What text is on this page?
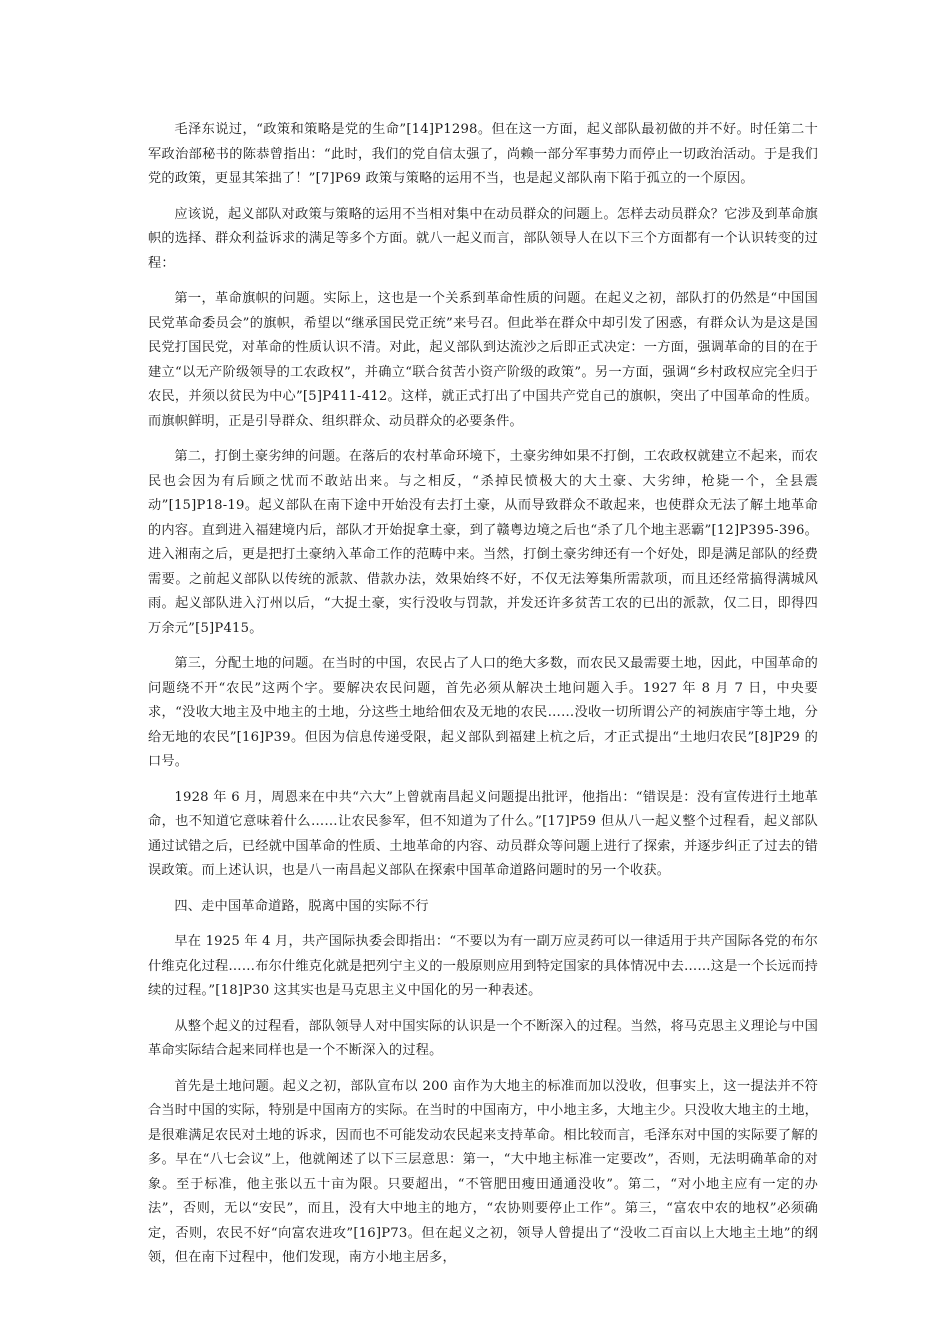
毛泽东说过，“政策和策略是党的生命”[14]P1298。但在这一方面，起义部队最初做的并不好。时任第二十军政治部秘书的陈恭曾指出：“此时，我们的党自信太强了，尚赖一部分军事势力而停止一切政治活动。于是我们党的政策，更显其笨拙了！”[7]P69 政策与策略的运用不当，也是起义部队南下陷于孤立的一个原因。

应该说，起义部队对政策与策略的运用不当相对集中在动员群众的问题上。怎样去动员群众？它涉及到革命旗帜的选择、群众利益诉求的满足等多个方面。就八一起义而言，部队领导人在以下三个方面都有一个认识转变的过程：

第一，革命旗帜的问题。实际上，这也是一个关系到革命性质的问题。在起义之初，部队打的仍然是“中国国民党革命委员会”的旗帜，希望以“继承国民党正统”来号召。但此举在群众中却引发了困惑，有群众认为是这是国民党打国民党，对革命的性质认识不清。对此，起义部队到达流沙之后即正式决定：一方面，强调革命的目的在于建立“以无产阶级领导的工农政权”，并确立“联合贫苦小资产阶级的政策”。另一方面，强调“乡村政权应完全归于农民，并须以贫民为中心”[5]P411-412。这样，就正式打出了中国共产党自己的旗帜，突出了中国革命的性质。而旗帜鲜明，正是引导群众、组织群众、动员群众的必要条件。

第二，打倒土豪劣绅的问题。在落后的农村革命环境下，土豪劣绅如果不打倒，工农政权就建立不起来，而农民也会因为有后顾之忧而不敢站出来。与之相反，“杀掉民愤极大的大土豪、大劣绅，枪毙一个，全县震动”[15]P18-19。起义部队在南下途中开始没有去打土豪，从而导致群众不敢起来，也使群众无法了解土地革命的内容。直到进入福建境内后，部队才开始捉拿土豪，到了赣粤边境之后也“杀了几个地主恶霸”[12]P395-396。进入湘南之后，更是把打土豪纳入革命工作的范畴中来。当然，打倒土豪劣绅还有一个好处，即是满足部队的经费需要。之前起义部队以传统的派款、借款办法，效果始终不好，不仅无法筹集所需款项，而且还经常搞得满城风雨。起义部队进入汀州以后，“大捉土豪，实行没收与罚款，并发还许多贫苦工农的已出的派款，仅二日，即得四万余元”[5]P415。

第三，分配土地的问题。在当时的中国，农民占了人口的绝大多数，而农民又最需要土地，因此，中国革命的问题绕不开“农民”这两个字。要解决农民问题，首先必须从解决土地问题入手。1927 年 8 月 7 日，中央要求，“没收大地主及中地主的土地，分这些土地给佃农及无地的农民……没收一切所谓公产的祠族庙宇等土地，分给无地的农民”[16]P39。但因为信息传递受限，起义部队到福建上杭之后，才正式提出“土地归农民”[8]P29 的口号。

1928 年 6 月，周恩来在中共“六大”上曾就南昌起义问题提出批评，他指出：“错误是：没有宣传进行土地革命，也不知道它意味着什么……让农民参军，但不知道为了什么。”[17]P59 但从八一起义整个过程看，起义部队通过试错之后，已经就中国革命的性质、土地革命的内容、动员群众等问题上进行了探索，并逐步纠正了过去的错误政策。而上述认识，也是八一南昌起义部队在探索中国革命道路问题时的另一个收获。

四、走中国革命道路，脱离中国的实际不行

早在 1925 年 4 月，共产国际执委会即指出：“不要以为有一副万应灵药可以一律适用于共产国际各党的布尔什维克化过程……布尔什维克化就是把列宁主义的一般原则应用到特定国家的具体情况中去……这是一个长远而持续的过程。”[18]P30 这其实也是马克思主义中国化的另一种表述。

从整个起义的过程看，部队领导人对中国实际的认识是一个不断深入的过程。当然，将马克思主义理论与中国革命实际结合起来同样也是一个不断深入的过程。

首先是土地问题。起义之初，部队宣布以 200 亩作为大地主的标准而加以没收，但事实上，这一提法并不符合当时中国的实际，特别是中国南方的实际。在当时的中国南方，中小地主多，大地主少。只没收大地主的土地，是很难满足农民对土地的诉求，因而也不可能发动农民起来支持革命。相比较而言，毛泽东对中国的实际要了解的多。早在“八七会议”上，他就阐述了以下三层意思：第一，“大中地主标准一定要改”，否则，无法明确革命的对象。至于标准，他主张以五十亩为限。只要超出，“不管肥田瘦田通通没收”。第二，“对小地主应有一定的办法”，否则，无以“安民”，而且，没有大中地主的地方，“农协则要停止工作”。第三，“富农中农的地权”必须确定，否则，农民不好“向富农进攻”[16]P73。但在起义之初，领导人曾提出了“没收二百亩以上大地主土地”的纲领，但在南下过程中，他们发现，南方小地主居多，
